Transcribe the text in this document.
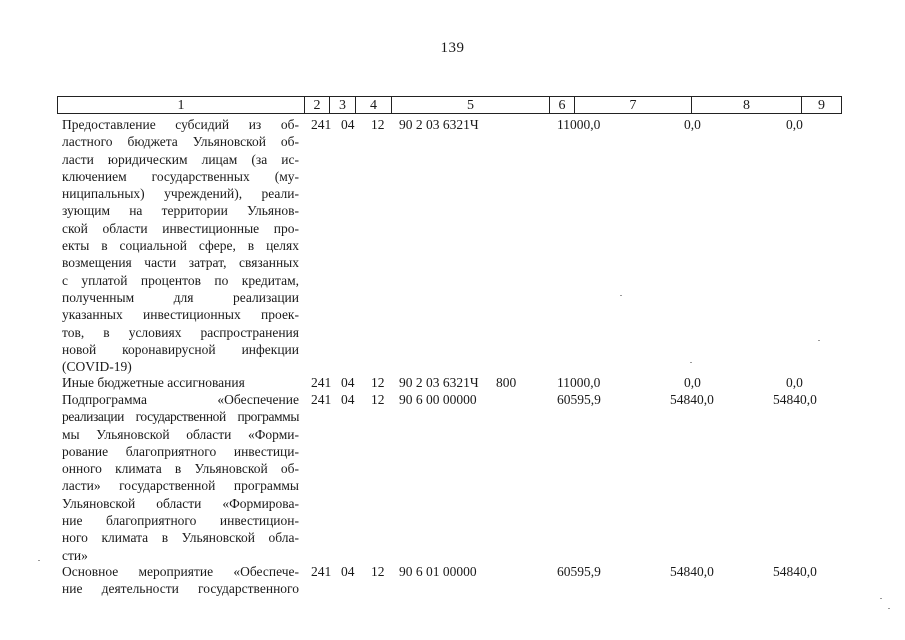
139
1	2	3	4	5	6	7	8	9
Предоставление субсидий из об-
ластного бюджета Ульяновской об-
ласти юридическим лицам (за ис-
ключением государственных (му-
ниципальных) учреждений), реали-
зующим на территории Ульянов-
ской области инвестиционные про-
екты в социальной сфере, в целях
возмещения части затрат, связанных
с уплатой процентов по кредитам,
полученным для реализации
указанных инвестиционных проек-
тов, в условиях распространения
новой коронавирусной инфекции
(COVID-19)
241 04 12 90 2 03 6321Ч	11000,0	0,0	0,0
Иные бюджетные ассигнования	241 04 12 90 2 03 6321Ч 800	11000,0	0,0	0,0
Подпрограмма «Обеспечение
реализации государственной программы
мы Ульяновской области «Форми-
рование благоприятного инвестици-
онного климата в Ульяновской об-
ласти» государственной программы
Ульяновской области «Формирова-
ние благоприятного инвестицион-
ного климата в Ульяновской обла-
сти»
241 04 12 90 6 00 00000	60595,9	54840,0	54840,0
Основное мероприятие «Обеспече-
ние деятельности государственного
241 04 12 90 6 01 00000	60595,9	54840,0	54840,0
